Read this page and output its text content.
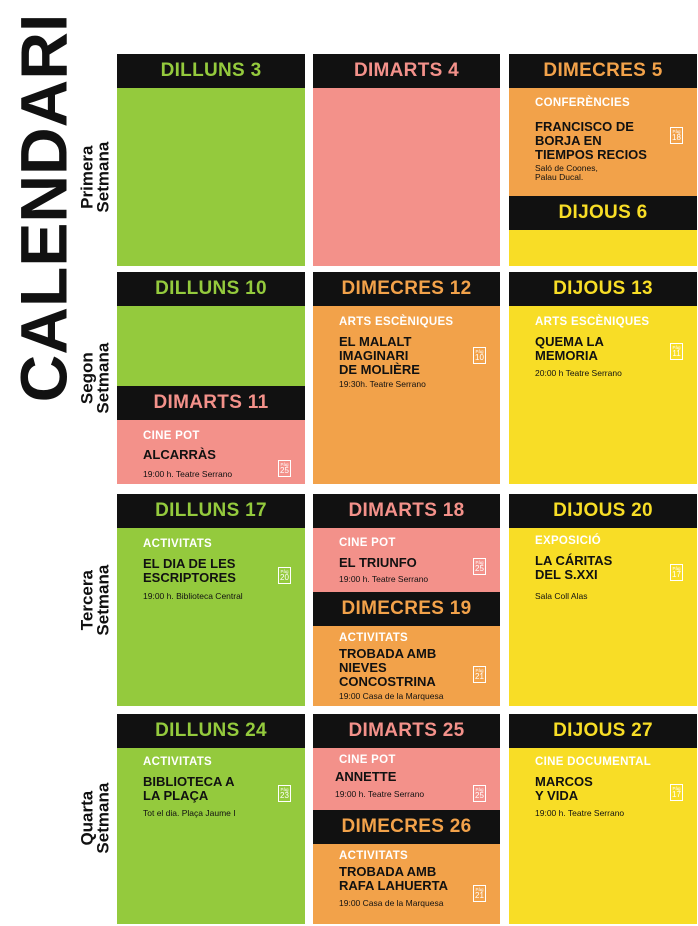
CALENDARI
Primera
Setmana
Segon
Setmana
Tercera
Setmana
Quarta
Setmana
DILLUNS 3	DIMARTS 4	DIMECRES 5
CONFERÈNCIES
FRANCISCO DE
BORJA EN
TIEMPOS RECIOS
Saló de Coones,
Palau Ducal.
Pàg
18
DIJOUS 6
DILLUNS 10
DIMARTS 11
CINE POT
ALCARRÀS
19:00 h. Teatre Serrano
Pàg
25
DIMECRES 12
ARTS ESCÈNIQUES
EL MALALT
IMAGINARI
DE MOLIÈRE
19:30h. Teatre Serrano
Pàg
10
DIJOUS 13
ARTS ESCÈNIQUES
QUEMA LA
MEMORIA
20:00 h Teatre Serrano
Pàg
11
DILLUNS 17
ACTIVITATS
EL DIA DE LES
ESCRIPTORES
19:00 h. Biblioteca Central
Pàg
20
DIMARTS 18
CINE POT
EL TRIUNFO
19:00 h. Teatre Serrano
Pàg
25
DIMECRES 19
ACTIVITATS
TROBADA AMB
NIEVES
CONCOSTRINA
19:00 Casa de la Marquesa
Pàg
21
DIJOUS 20
EXPOSICIÓ
LA CÁRITAS
DEL S.XXI
Sala Coll Alas
Pàg
17
DILLUNS 24
ACTIVITATS
BIBLIOTECA A
LA PLAÇA
Tot el dia. Plaça Jaume I
Pàg
23
DIMARTS 25
CINE POT
ANNETTE
19:00 h. Teatre Serrano	Pàg
25
DIMECRES 26
ACTIVITATS
TROBADA AMB
RAFA LAHUERTA
19:00 Casa de la Marquesa
Pàg
21
DIJOUS 27
CINE DOCUMENTAL
MARCOS
Y VIDA
19:00 h. Teatre Serrano
Pàg
17
